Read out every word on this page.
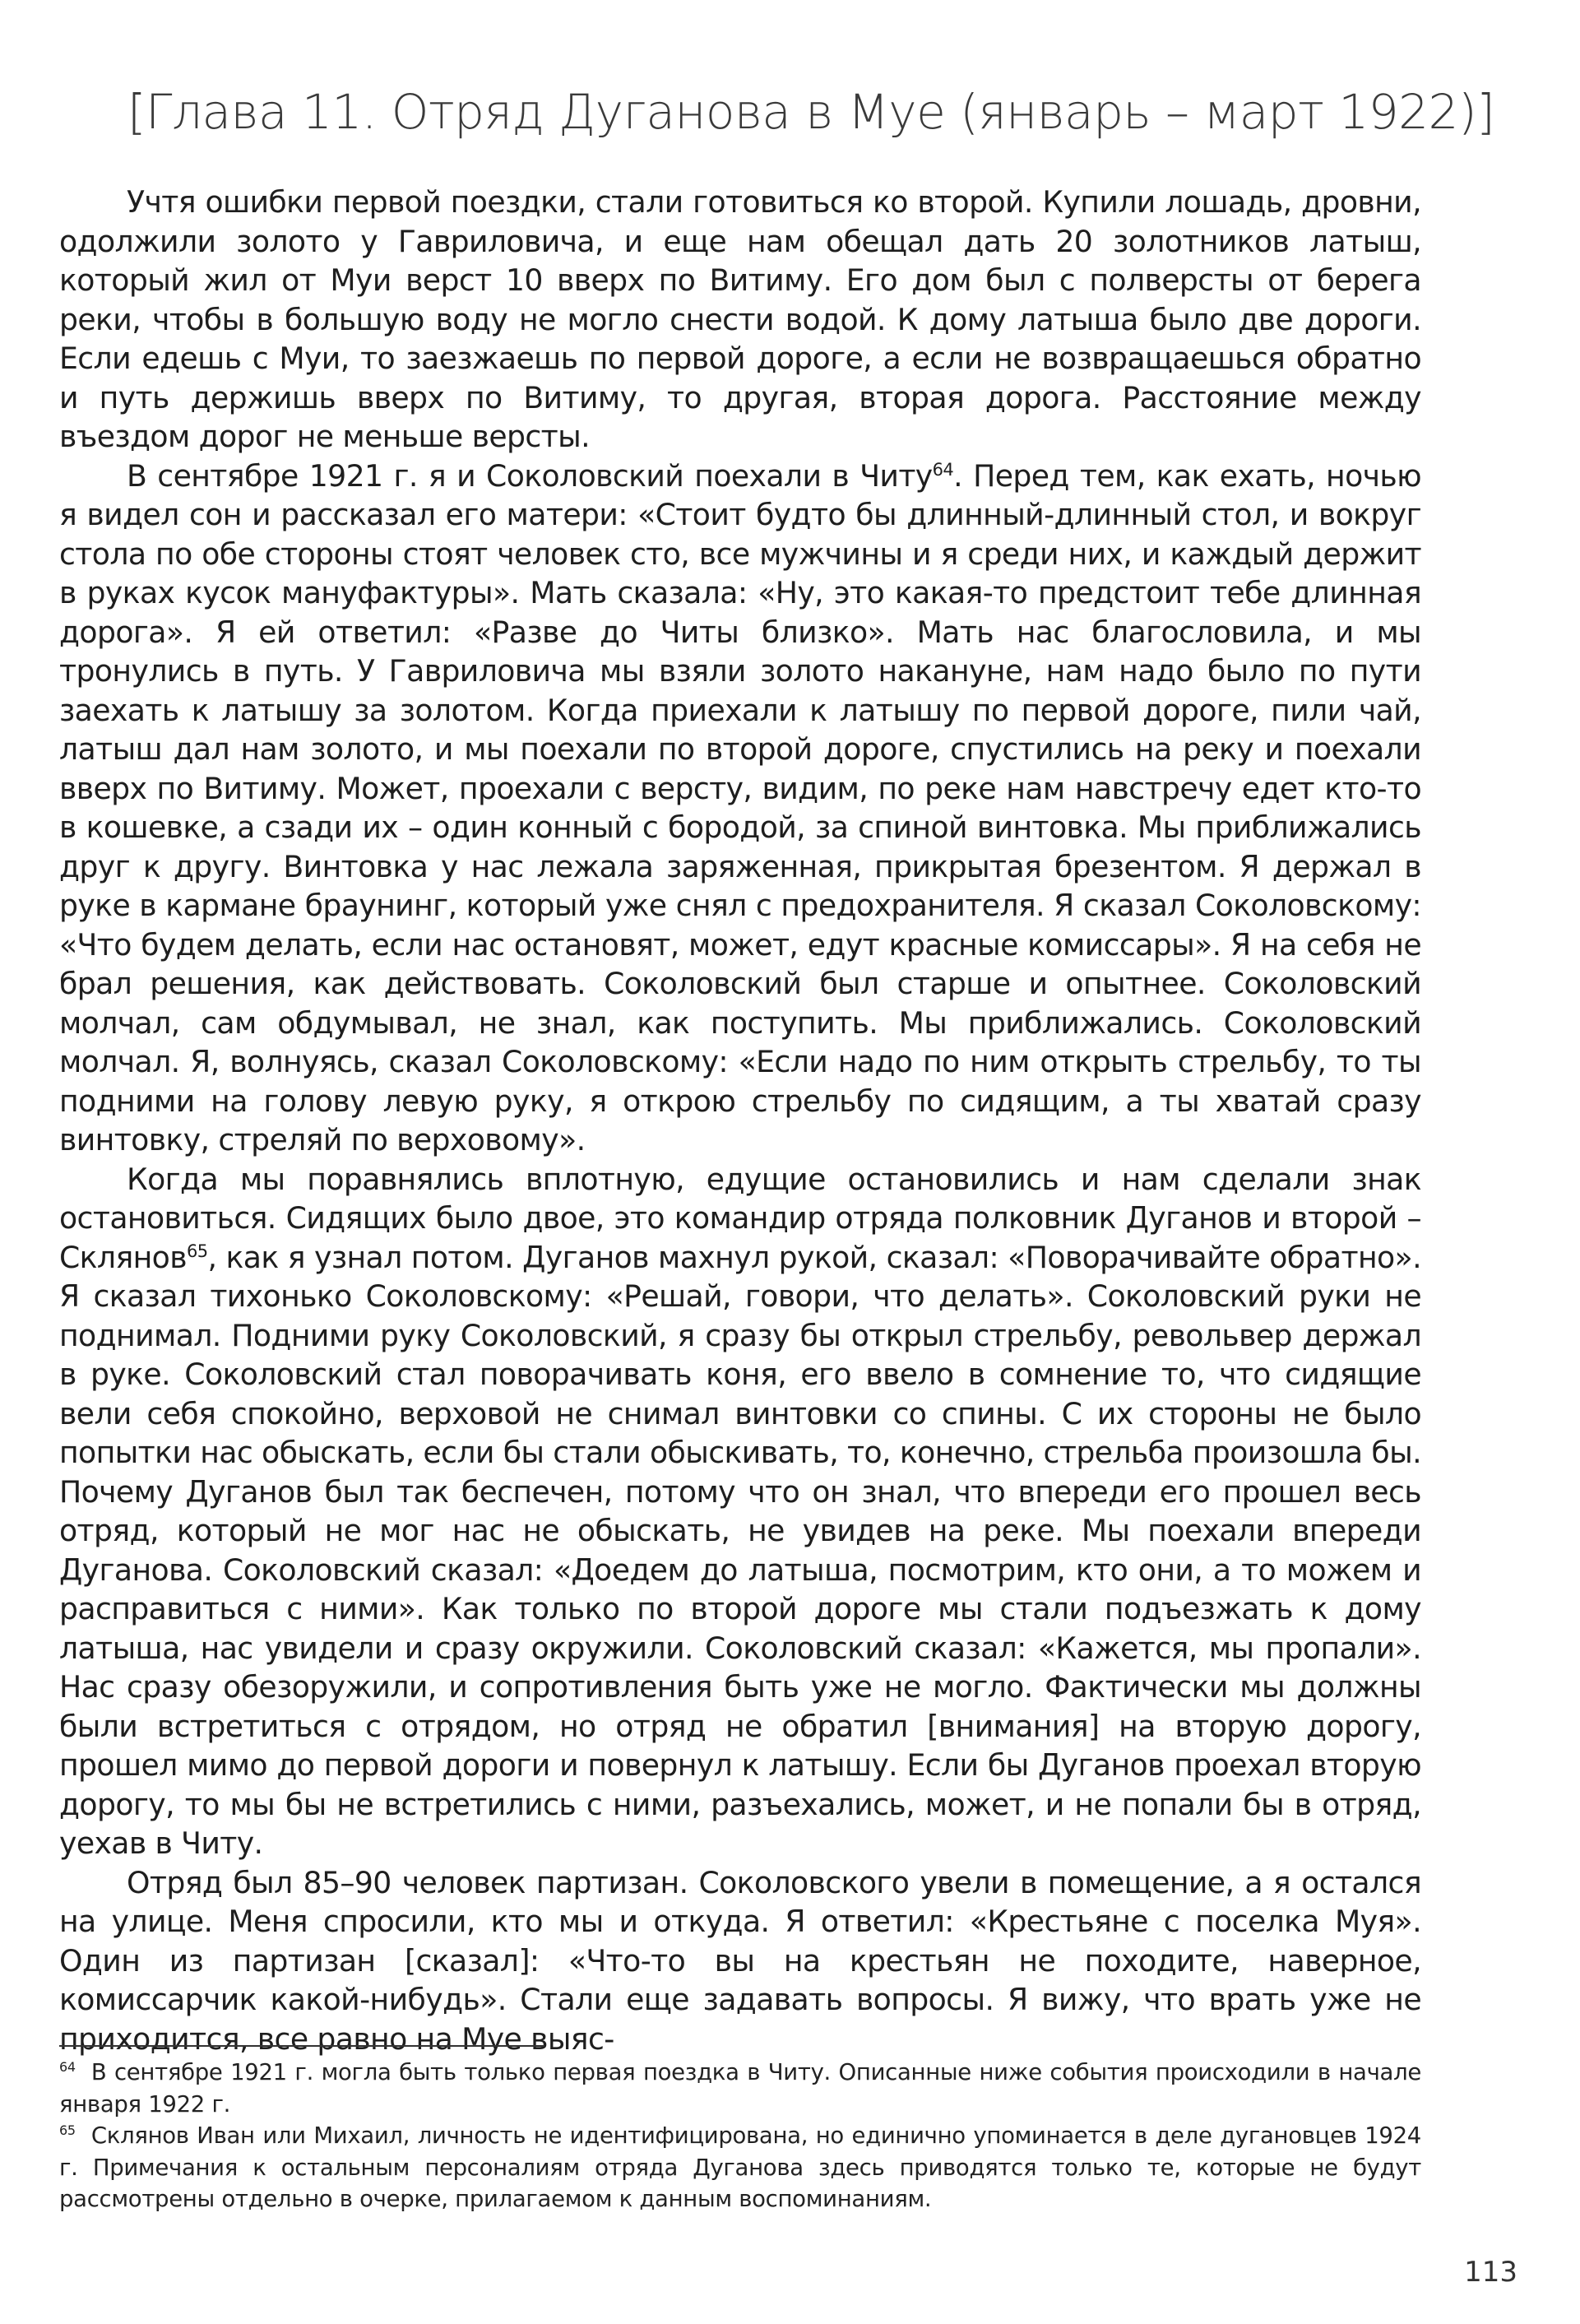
[Глава 11. Отряд Дуганова в Муе (январь – март 1922)]

Учтя ошибки первой поездки, стали готовиться ко второй. Купили лошадь, дровни, одолжили золото у Гавриловича, и еще нам обещал дать 20 золотников латыш, который жил от Муи верст 10 вверх по Витиму. Его дом был с полверсты от берега реки, чтобы в большую воду не могло снести водой. К дому латыша было две дороги. Если едешь с Муи, то заезжаешь по первой дороге, а если не возвращаешься обратно и путь держишь вверх по Витиму, то другая, вторая дорога. Расстояние между въездом дорог не меньше версты.

В сентябре 1921 г. я и Соколовский поехали в Читу$^{64}$. Перед тем, как ехать, ночью я видел сон и рассказал его матери: «Стоит будто бы длинный-длинный стол, и вокруг стола по обе стороны стоят человек сто, все мужчины и я среди них, и каждый держит в руках кусок мануфактуры». Мать сказала: «Ну, это какая-то предстоит тебе длинная дорога». Я ей ответил: «Разве до Читы близко». Мать нас благословила, и мы тронулись в путь. У Гавриловича мы взяли золото накануне, нам надо было по пути заехать к латышу за золотом. Когда приехали к латышу по первой дороге, пили чай, латыш дал нам золото, и мы поехали по второй дороге, спустились на реку и поехали вверх по Витиму. Может, проехали с версту, видим, по реке нам навстречу едет кто-то в кошевке, а сзади их – один конный с бородой, за спиной винтовка. Мы приближались друг к другу. Винтовка у нас лежала заряженная, прикрытая брезентом. Я держал в руке в кармане браунинг, который уже снял с предохранителя. Я сказал Соколовскому: «Что будем делать, если нас остановят, может, едут красные комиссары». Я на себя не брал решения, как действовать. Соколовский был старше и опытнее. Соколовский молчал, сам обдумывал, не знал, как поступить. Мы приближались. Соколовский молчал. Я, волнуясь, сказал Соколовскому: «Если надо по ним открыть стрельбу, то ты подними на голову левую руку, я открою стрельбу по сидящим, а ты хватай сразу винтовку, стреляй по верховому».

Когда мы поравнялись вплотную, едущие остановились и нам сделали знак остановиться. Сидящих было двое, это командир отряда полковник Дуганов и второй – Склянов$^{65}$, как я узнал потом. Дуганов махнул рукой, сказал: «Поворачивайте обратно». Я сказал тихонько Соколовскому: «Решай, говори, что делать». Соколовский руки не поднимал. Подними руку Соколовский, я сразу бы открыл стрельбу, револьвер держал в руке. Соколовский стал поворачивать коня, его ввело в сомнение то, что сидящие вели себя спокойно, верховой не снимал винтовки со спины. С их стороны не было попытки нас обыскать, если бы стали обыскивать, то, конечно, стрельба произошла бы. Почему Дуганов был так беспечен, потому что он знал, что впереди его прошел весь отряд, который не мог нас не обыскать, не увидев на реке. Мы поехали впереди Дуганова. Соколовский сказал: «Доедем до латыша, посмотрим, кто они, а то можем и расправиться с ними». Как только по второй дороге мы стали подъезжать к дому латыша, нас увидели и сразу окружили. Соколовский сказал: «Кажется, мы пропали». Нас сразу обезоружили, и сопротивления быть уже не могло. Фактически мы должны были встретиться с отрядом, но отряд не обратил [внимания] на вторую дорогу, прошел мимо до первой дороги и повернул к латышу. Если бы Дуганов проехал вторую дорогу, то мы бы не встретились с ними, разъехались, может, и не попали бы в отряд, уехав в Читу.

Отряд был 85–90 человек партизан. Соколовского увели в помещение, а я остался на улице. Меня спросили, кто мы и откуда. Я ответил: «Крестьяне с поселка Муя». Один из партизан [сказал]: «Что-то вы на крестьян не походите, наверное, комиссарчик какой-нибудь». Стали еще задавать вопросы. Я вижу, что врать уже не приходится, все равно на Муе выяс-

$^{64}$ В сентябре 1921 г. могла быть только первая поездка в Читу. Описанные ниже события происходили в начале января 1922 г.

$^{65}$ Склянов Иван или Михаил, личность не идентифицирована, но единично упоминается в деле дугановцев 1924 г. Примечания к остальным персоналиям отряда Дуганова здесь приводятся только те, которые не будут рассмотрены отдельно в очерке, прилагаемом к данным воспоминаниям.

113
